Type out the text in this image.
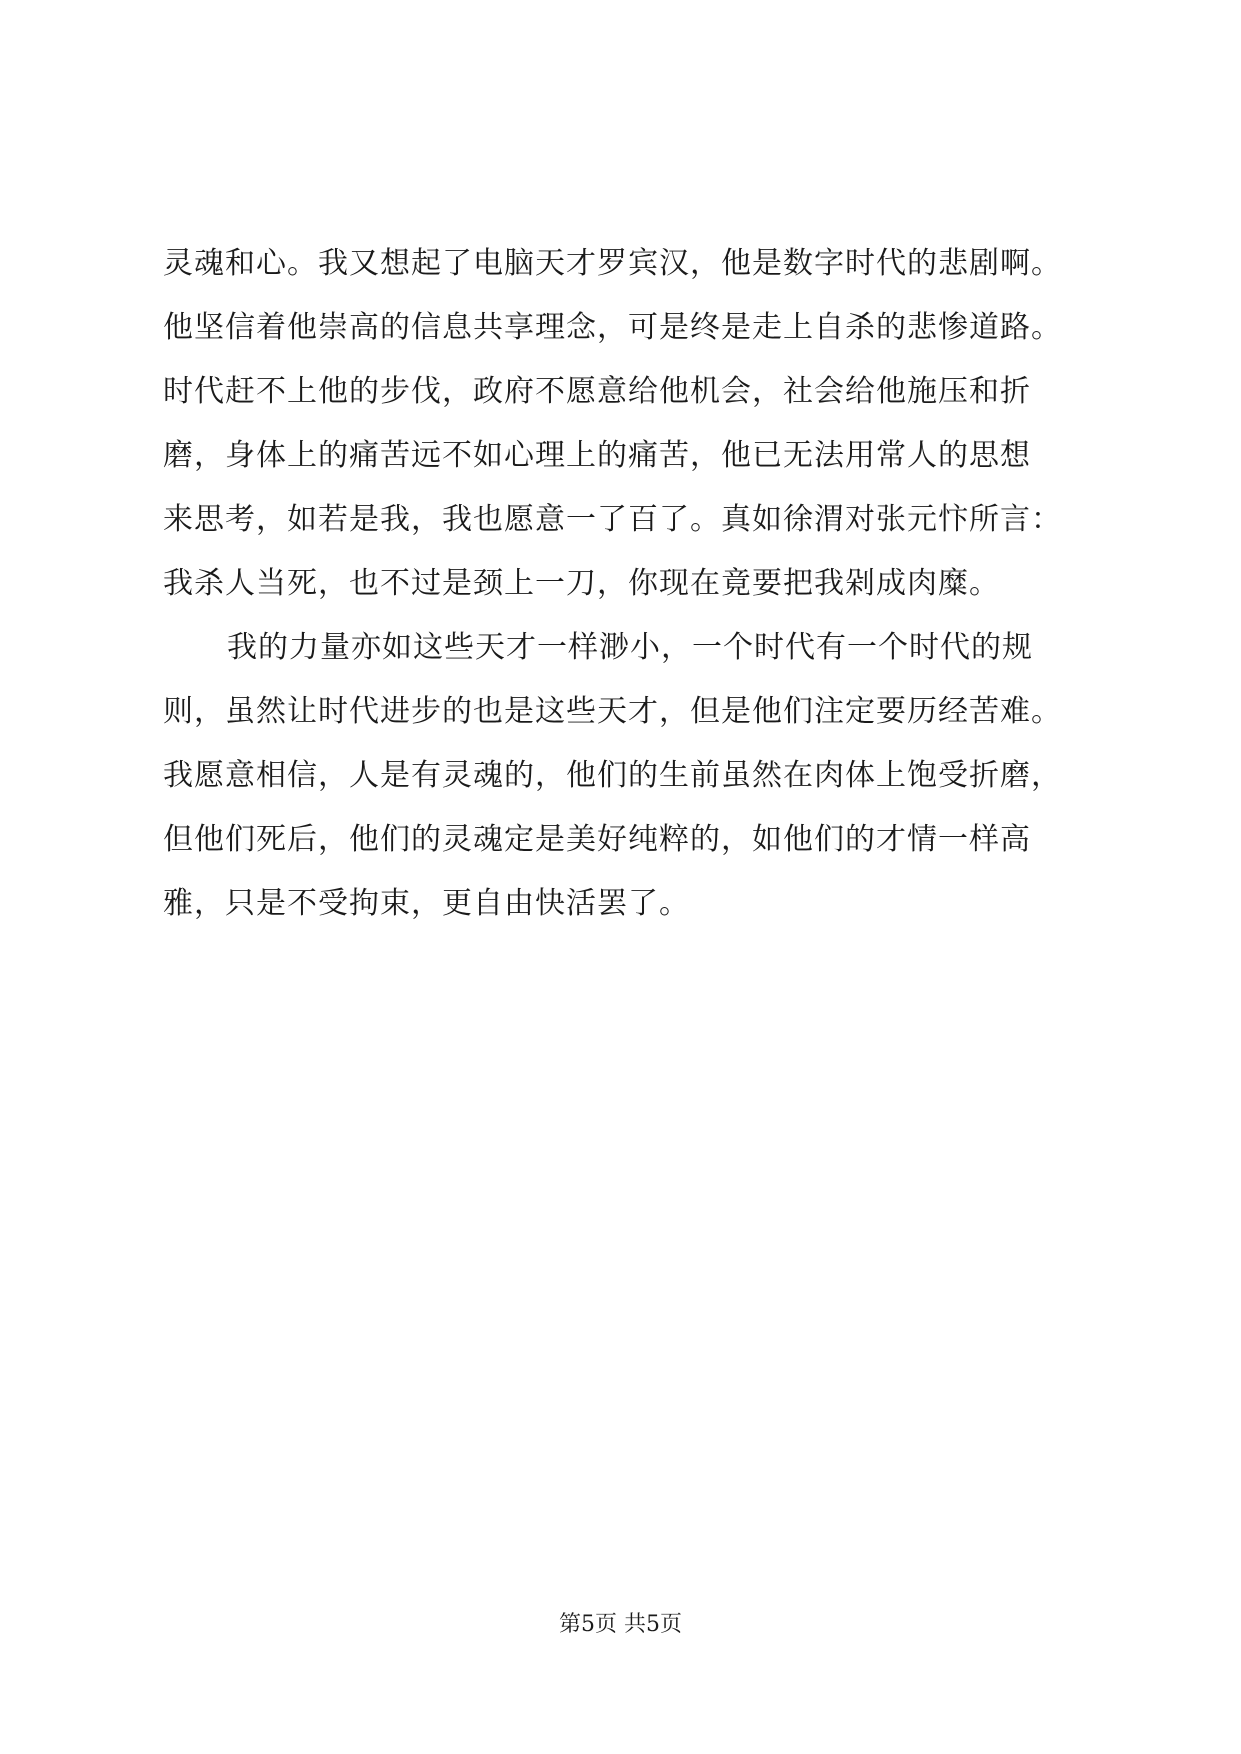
灵魂和心。我又想起了电脑天才罗宾汉，他是数字时代的悲剧啊。
他坚信着他崇高的信息共享理念，可是终是走上自杀的悲惨道路。
时代赶不上他的步伐，政府不愿意给他机会，社会给他施压和折
磨，身体上的痛苦远不如心理上的痛苦，他已无法用常人的思想
来思考，如若是我，我也愿意一了百了。真如徐渭对张元忭所言：
我杀人当死，也不过是颈上一刀，你现在竟要把我剁成肉糜。
我的力量亦如这些天才一样渺小，一个时代有一个时代的规
则，虽然让时代进步的也是这些天才，但是他们注定要历经苦难。
我愿意相信，人是有灵魂的，他们的生前虽然在肉体上饱受折磨，
但他们死后，他们的灵魂定是美好纯粹的，如他们的才情一样高
雅，只是不受拘束，更自由快活罢了。
第5页 共5页
